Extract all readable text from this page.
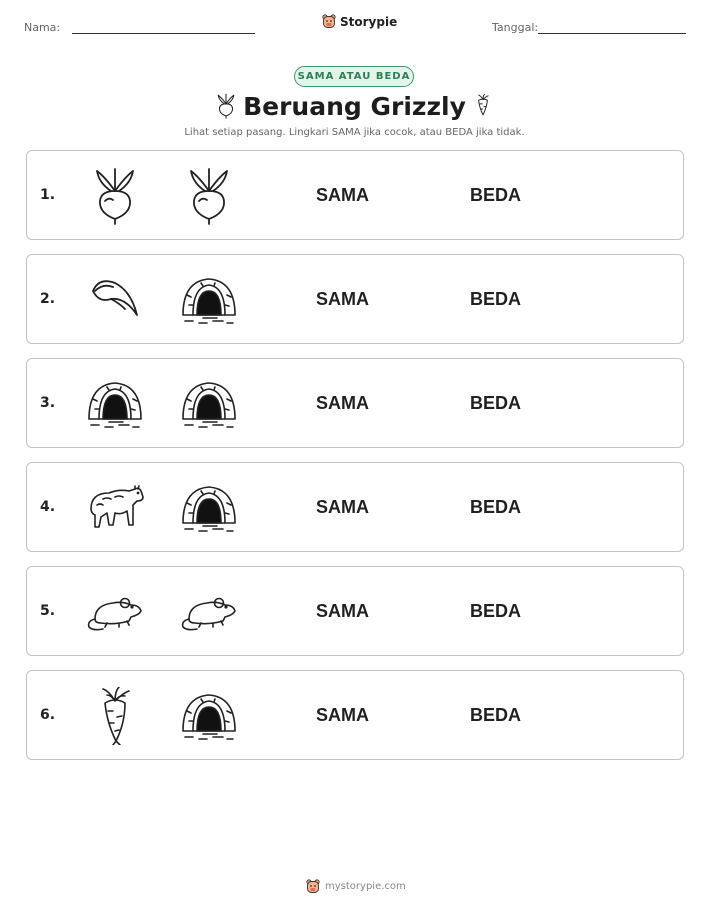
Nama:	Storypie	Tanggal:
SAMA ATAU BEDA
Beruang Grizzly
Lihat setiap pasang. Lingkari SAMA jika cocok, atau BEDA jika tidak.
1.	SAMA	BEDA
2.	SAMA	BEDA
3.	SAMA	BEDA
4.	SAMA	BEDA
5.	SAMA	BEDA
6.	SAMA	BEDA
mystorypie.com
